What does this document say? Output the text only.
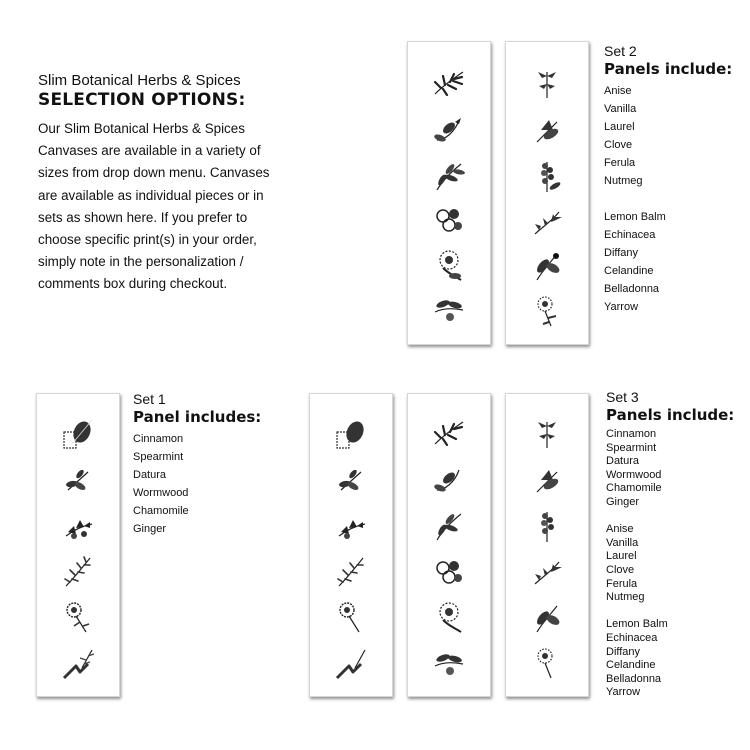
Slim Botanical Herbs & Spices
SELECTION OPTIONS:
Our Slim Botanical Herbs & Spices Canvases are available in a variety of sizes from drop down menu. Canvases are available as individual pieces or in sets as shown here. If you prefer to choose specific print(s) in your order, simply note in the personalization / comments box during checkout.
Set 2
Panels include:
Anise
Vanilla
Laurel
Clove
Ferula
Nutmeg
Lemon Balm
Echinacea
Diffany
Celandine
Belladonna
Yarrow
Set 1
Panel includes:
Cinnamon
Spearmint
Datura
Wormwood
Chamomile
Ginger
Set 3
Panels include:
Cinnamon
Spearmint
Datura
Wormwood
Chamomile
Ginger
Anise
Vanilla
Laurel
Clove
Ferula
Nutmeg
Lemon Balm
Echinacea
Diffany
Celandine
Belladonna
Yarrow
